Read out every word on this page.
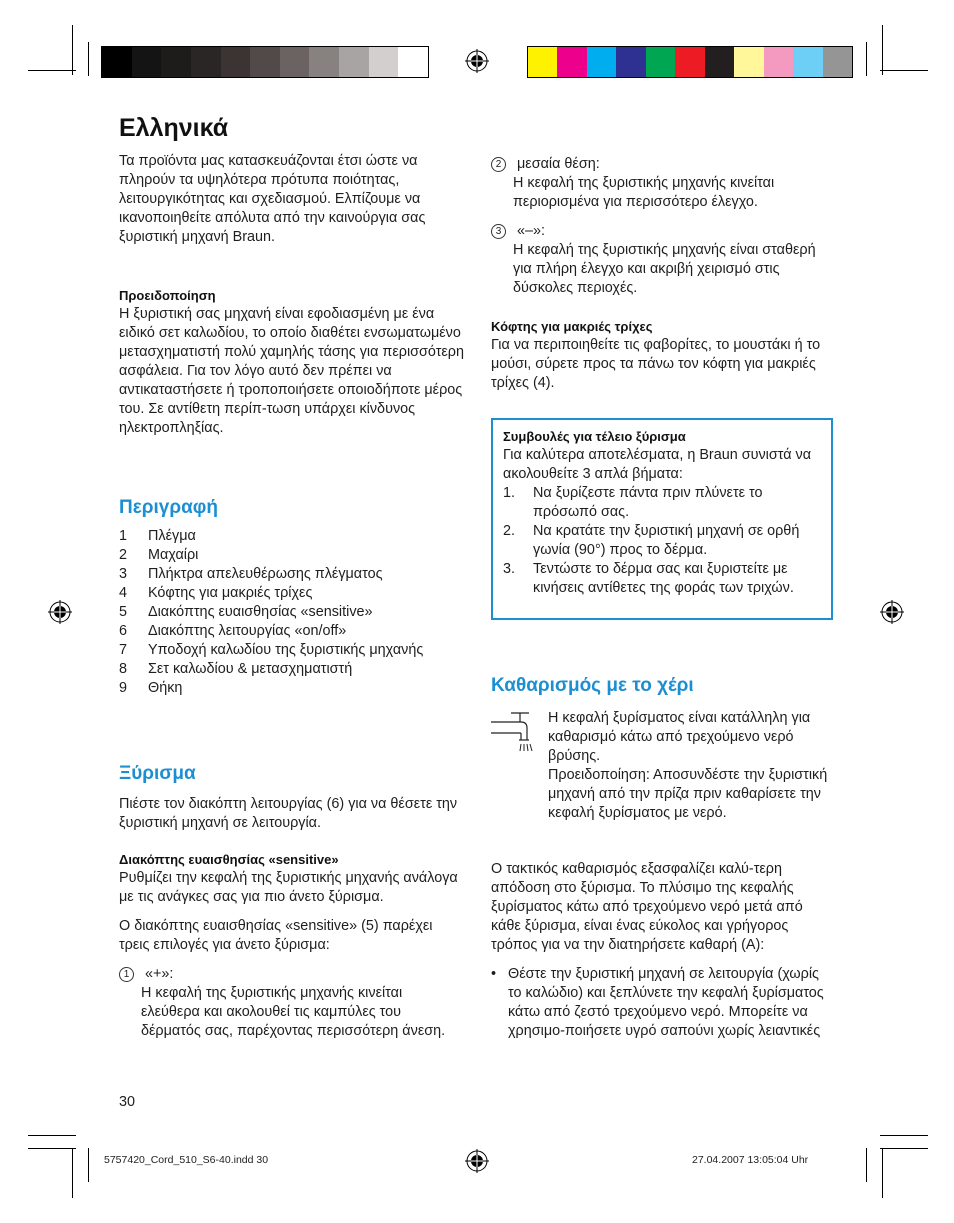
Ελληνικά

Τα προϊόντα μας κατασκευάζονται έτσι ώστε να πληρούν τα υψηλότερα πρότυπα ποιότητας, λειτουργικότητας και σχεδιασμού. Ελπίζουμε να ικανοποιηθείτε απόλυτα από την καινούργια σας ξυριστική μηχανή Braun.

Προειδοποίηση

Η ξυριστική σας μηχανή είναι εφοδιασμένη με ένα ειδικό σετ καλωδίου, το οποίο διαθέτει ενσωματωμένο μετασχηματιστή πολύ χαμηλής τάσης για περισσότερη ασφάλεια. Για τον λόγο αυτό δεν πρέπει να αντικαταστήσετε ή τροποποιήσετε οποιοδήποτε μέρος του. Σε αντίθετη περίπ-τωση υπάρχει κίνδυνος ηλεκτροπληξίας.

Περιγραφή
1	Πλέγμα
2	Μαχαίρι
3	Πλήκτρα απελευθέρωσης πλέγματος
4	Κόφτης για μακριές τρίχες
5	Διακόπτης ευαισθησίας «sensitive»
6	Διακόπτης λειτουργίας «on/off»
7	Υποδοχή καλωδίου της ξυριστικής μηχανής
8	Σετ καλωδίου & μετασχηματιστή
9	Θήκη
Ξύρισμα

Πιέστε τον διακόπτη λειτουργίας (6) για να θέσετε την ξυριστική μηχανή σε λειτουργία.

Διακόπτης ευαισθησίας «sensitive»

Ρυθμίζει την κεφαλή της ξυριστικής μηχανής ανάλογα με τις ανάγκες σας για πιο άνετο ξύρισμα.

Ο διακόπτης ευαισθησίας «sensitive» (5) παρέχει τρεις επιλογές για άνετο ξύρισμα:

1 «+»:

Η κεφαλή της ξυριστικής μηχανής κινείται ελεύθερα και ακολουθεί τις καμπύλες του δέρματός σας, παρέχοντας περισσότερη άνεση.

30
2 μεσαία θέση:

Η κεφαλή της ξυριστικής μηχανής κινείται περιορισμένα για περισσότερο έλεγχο.

3 «–»:

Η κεφαλή της ξυριστικής μηχανής είναι σταθερή για πλήρη έλεγχο και ακριβή χειρισμό στις δύσκολες περιοχές.

Κόφτης για μακριές τρίχες

Για να περιποιηθείτε τις φαβορίτες, το μουστάκι ή το μούσι, σύρετε προς τα πάνω τον κόφτη για μακριές τρίχες (4).

Συμβουλές για τέλειο ξύρισμα

Για καλύτερα αποτελέσματα, η Braun συνιστά να ακολουθείτε 3 απλά βήματα:

1.	Να ξυρίζεστε πάντα πριν πλύνετε το πρόσωπό σας.
2.	Να κρατάτε την ξυριστική μηχανή σε ορθή γωνία (90°) προς το δέρμα.
3.	Τεντώστε το δέρμα σας και ξυριστείτε με κινήσεις αντίθετες της φοράς των τριχών.
Καθαρισμός με το χέρι

Η κεφαλή ξυρίσματος είναι κατάλληλη για καθαρισμό κάτω από τρεχούμενο νερό βρύσης.

Προειδοποίηση: Αποσυνδέστε την ξυριστική μηχανή από την πρίζα πριν καθαρίσετε την κεφαλή ξυρίσματος με νερό.

Ο τακτικός καθαρισμός εξασφαλίζει καλύ-τερη απόδοση στο ξύρισμα. Το πλύσιμο της κεφαλής ξυρίσματος κάτω από τρεχούμενο νερό μετά από κάθε ξύρισμα, είναι ένας εύκολος και γρήγορος τρόπος για να την διατηρήσετε καθαρή (A):

• Θέστε την ξυριστική μηχανή σε λειτουργία (χωρίς το καλώδιο) και ξεπλύνετε την κεφαλή ξυρίσματος κάτω από ζεστό τρεχούμενο νερό. Μπορείτε να χρησιμο-ποιήσετε υγρό σαπούνι χωρίς λειαντικές
5757420_Cord_510_S6-40.indd 30	27.04.2007 13:05:04 Uhr
